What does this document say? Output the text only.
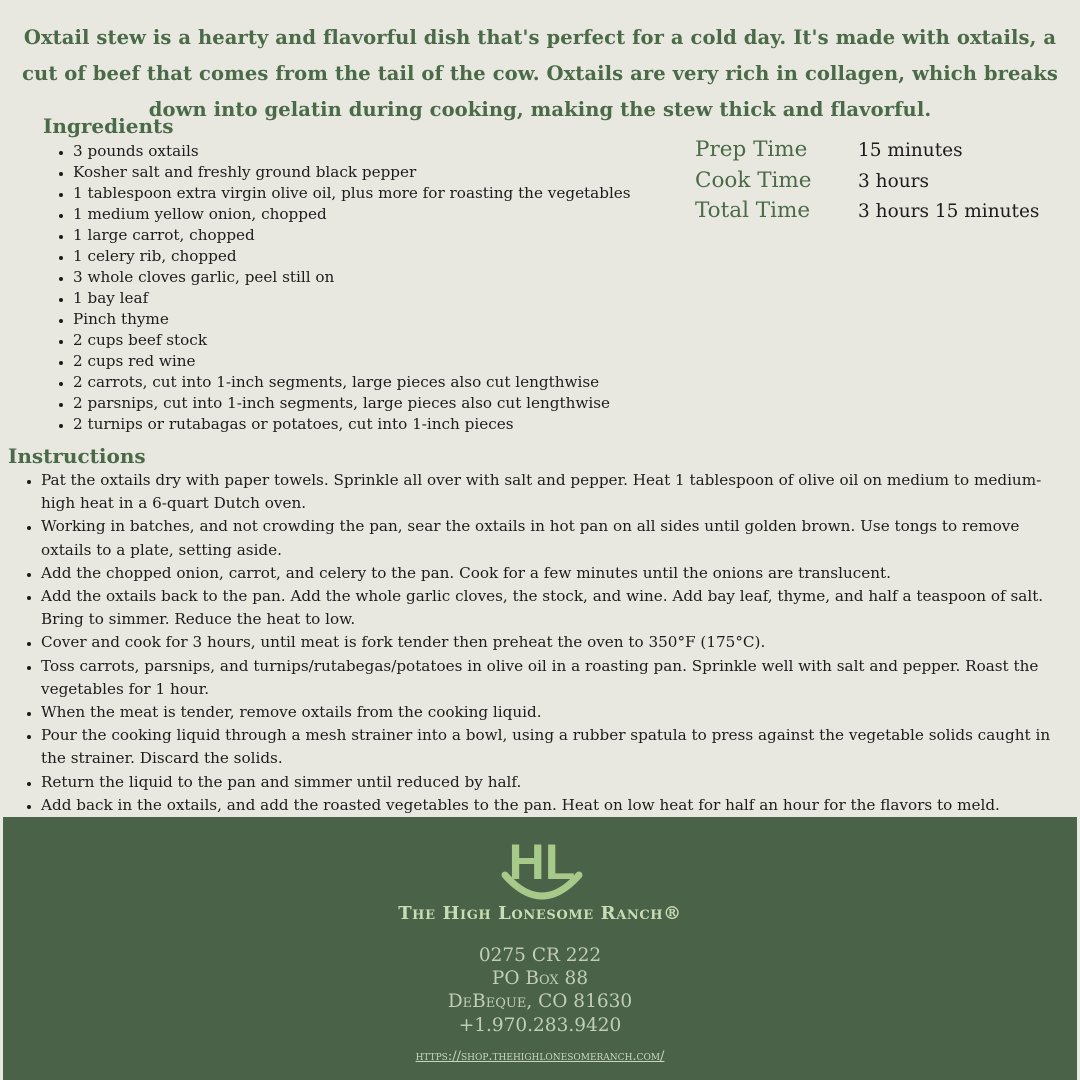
Oxtail stew is a hearty and flavorful dish that's perfect for a cold day. It's made with oxtails, a cut of beef that comes from the tail of the cow. Oxtails are very rich in collagen, which breaks down into gelatin during cooking, making the stew thick and flavorful.
Ingredients
• 3 pounds oxtails
• Kosher salt and freshly ground black pepper
• 1 tablespoon extra virgin olive oil, plus more for roasting the vegetables
• 1 medium yellow onion, chopped
• 1 large carrot, chopped
• 1 celery rib, chopped
• 3 whole cloves garlic, peel still on
• 1 bay leaf
• Pinch thyme
• 2 cups beef stock
• 2 cups red wine
• 2 carrots, cut into 1-inch segments, large pieces also cut lengthwise
• 2 parsnips, cut into 1-inch segments, large pieces also cut lengthwise
• 2 turnips or rutabagas or potatoes, cut into 1-inch pieces
Prep Time	15 minutes
Cook Time	3 hours
Total Time	3 hours 15 minutes
Instructions
• Pat the oxtails dry with paper towels. Sprinkle all over with salt and pepper. Heat 1 tablespoon of olive oil on medium to medium-high heat in a 6-quart Dutch oven.
• Working in batches, and not crowding the pan, sear the oxtails in hot pan on all sides until golden brown. Use tongs to remove oxtails to a plate, setting aside.
• Add the chopped onion, carrot, and celery to the pan. Cook for a few minutes until the onions are translucent.
• Add the oxtails back to the pan. Add the whole garlic cloves, the stock, and wine. Add bay leaf, thyme, and half a teaspoon of salt. Bring to simmer. Reduce the heat to low.
• Cover and cook for 3 hours, until meat is fork tender then preheat the oven to 350°F (175°C).
• Toss carrots, parsnips, and turnips/rutabegas/potatoes in olive oil in a roasting pan. Sprinkle well with salt and pepper. Roast the vegetables for 1 hour.
• When the meat is tender, remove oxtails from the cooking liquid.
• Pour the cooking liquid through a mesh strainer into a bowl, using a rubber spatula to press against the vegetable solids caught in the strainer. Discard the solids.
• Return the liquid to the pan and simmer until reduced by half.
• Add back in the oxtails, and add the roasted vegetables to the pan. Heat on low heat for half an hour for the flavors to meld.
HL
The High Lonesome Ranch®
0275 CR 222
PO Box 88
DeBeque, CO 81630
+1.970.283.9420
https://shop.thehighlonesomeranch.com/
